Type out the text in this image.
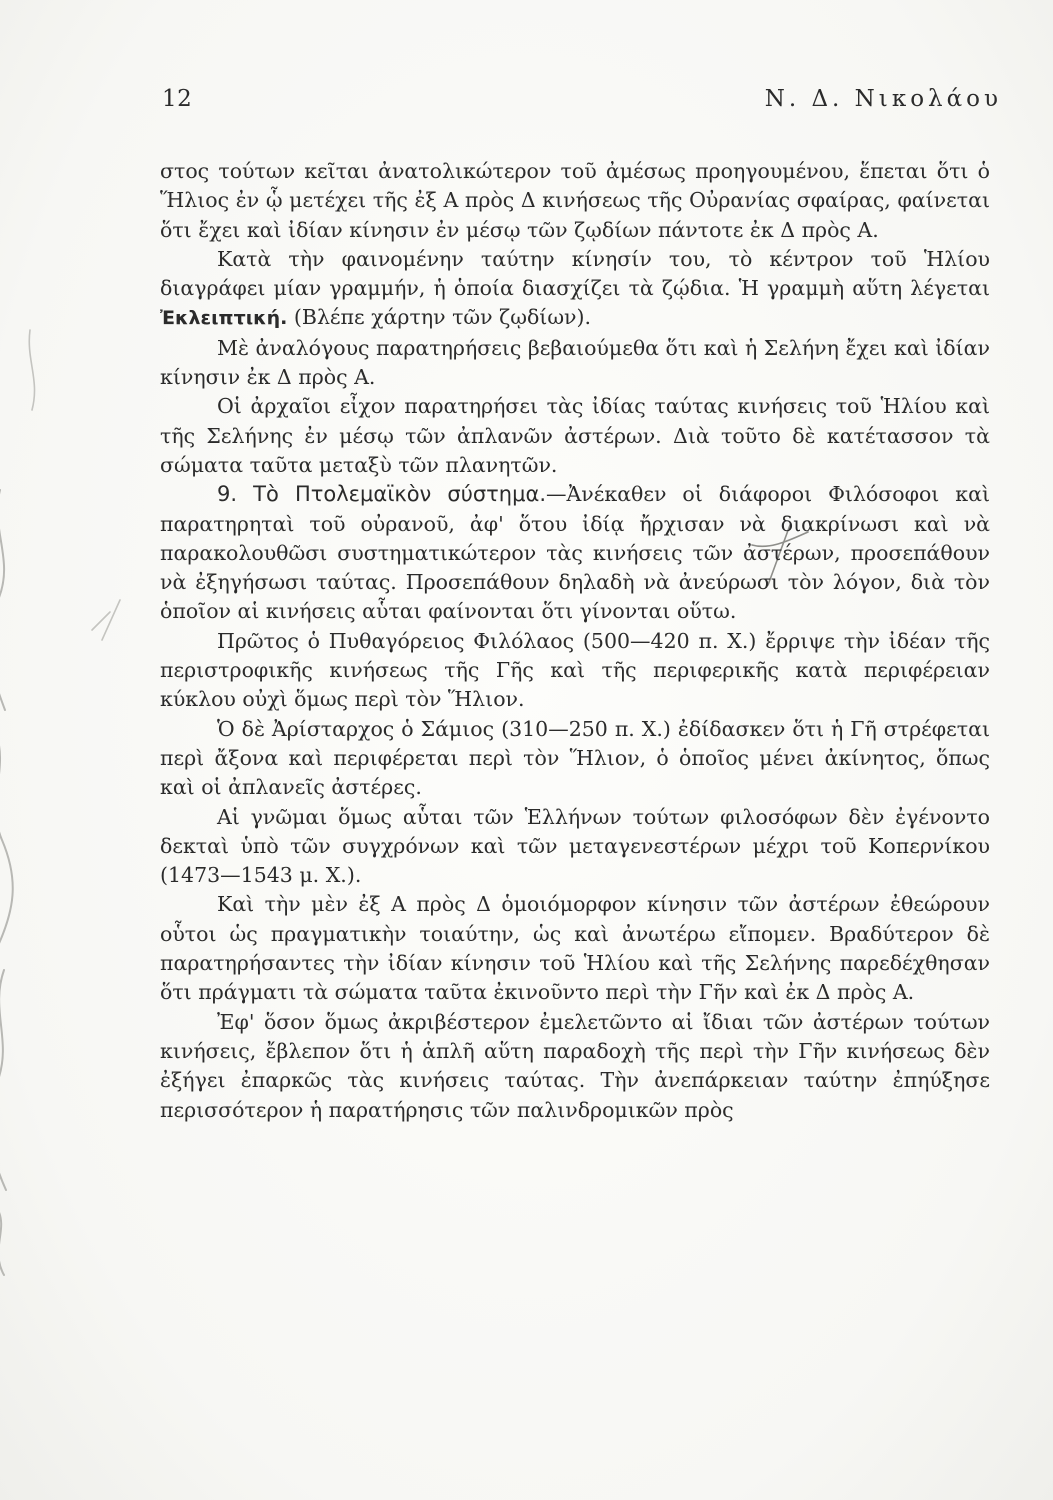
12	Ν. Δ. Νικολάου

στος τούτων κεῖται ἀνατολικώτερον τοῦ ἀμέσως προηγουμένου, ἕπεται ὅτι ὁ Ἥλιος ἐν ᾧ μετέχει τῆς ἐξ Α πρὸς Δ κινήσεως τῆς Οὐρανίας σφαίρας, φαίνεται ὅτι ἔχει καὶ ἰδίαν κίνησιν ἐν μέσῳ τῶν ζῳδίων πάντοτε ἐκ Δ πρὸς Α.

Κατὰ τὴν φαινομένην ταύτην κίνησίν του, τὸ κέντρον τοῦ Ἡλίου διαγράφει μίαν γραμμήν, ἡ ὁποία διασχίζει τὰ ζῴδια. Ἡ γραμμὴ αὕτη λέγεται Ἐκλειπτική. (Βλέπε χάρτην τῶν ζῳδίων).

Μὲ ἀναλόγους παρατηρήσεις βεβαιούμεθα ὅτι καὶ ἡ Σελήνη ἔχει καὶ ἰδίαν κίνησιν ἐκ Δ πρὸς Α.

Οἱ ἀρχαῖοι εἶχον παρατηρήσει τὰς ἰδίας ταύτας κινήσεις τοῦ Ἡλίου καὶ τῆς Σελήνης ἐν μέσῳ τῶν ἀπλανῶν ἀστέρων. Διὰ τοῦτο δὲ κατέτασσον τὰ σώματα ταῦτα μεταξὺ τῶν πλανητῶν.

9. Τὸ Πτολεμαϊκὸν σύστημα.—Ἀνέκαθεν οἱ διάφοροι Φιλόσοφοι καὶ παρατηρηταὶ τοῦ οὐρανοῦ, ἀφ' ὅτου ἰδίᾳ ἤρχισαν νὰ διακρίνωσι καὶ νὰ παρακολουθῶσι συστηματικώτερον τὰς κινήσεις τῶν ἀστέρων, προσεπάθουν νὰ ἐξηγήσωσι ταύτας. Προσεπάθουν δηλαδὴ νὰ ἀνεύρωσι τὸν λόγον, διὰ τὸν ὁποῖον αἱ κινήσεις αὗται φαίνονται ὅτι γίνονται οὕτω.

Πρῶτος ὁ Πυθαγόρειος Φιλόλαος (500—420 π. Χ.) ἔρριψε τὴν ἰδέαν τῆς περιστροφικῆς κινήσεως τῆς Γῆς καὶ τῆς περιφερικῆς κατὰ περιφέρειαν κύκλου οὐχὶ ὅμως περὶ τὸν Ἥλιον.

Ὁ δὲ Ἀρίσταρχος ὁ Σάμιος (310—250 π. Χ.) ἐδίδασκεν ὅτι ἡ Γῆ στρέφεται περὶ ἄξονα καὶ περιφέρεται περὶ τὸν Ἥλιον, ὁ ὁποῖος μένει ἀκίνητος, ὅπως καὶ οἱ ἀπλανεῖς ἀστέρες.

Αἱ γνῶμαι ὅμως αὗται τῶν Ἑλλήνων τούτων φιλοσόφων δὲν ἐγένοντο δεκταὶ ὑπὸ τῶν συγχρόνων καὶ τῶν μεταγενεστέρων μέχρι τοῦ Κοπερνίκου (1473—1543 μ. Χ.).

Καὶ τὴν μὲν ἐξ Α πρὸς Δ ὁμοιόμορφον κίνησιν τῶν ἀστέρων ἐθεώρουν οὗτοι ὡς πραγματικὴν τοιαύτην, ὡς καὶ ἀνωτέρω εἴπομεν. Βραδύτερον δὲ παρατηρήσαντες τὴν ἰδίαν κίνησιν τοῦ Ἡλίου καὶ τῆς Σελήνης παρεδέχθησαν ὅτι πράγματι τὰ σώματα ταῦτα ἐκινοῦντο περὶ τὴν Γῆν καὶ ἐκ Δ πρὸς Α.

Ἐφ' ὅσον ὅμως ἀκριβέστερον ἐμελετῶντο αἱ ἴδιαι τῶν ἀστέρων τούτων κινήσεις, ἔβλεπον ὅτι ἡ ἁπλῆ αὕτη παραδοχὴ τῆς περὶ τὴν Γῆν κινήσεως δὲν ἐξήγει ἐπαρκῶς τὰς κινήσεις ταύτας. Τὴν ἀνεπάρκειαν ταύτην ἐπηύξησε περισσότερον ἡ παρατήρησις τῶν παλινδρομικῶν πρὸς
